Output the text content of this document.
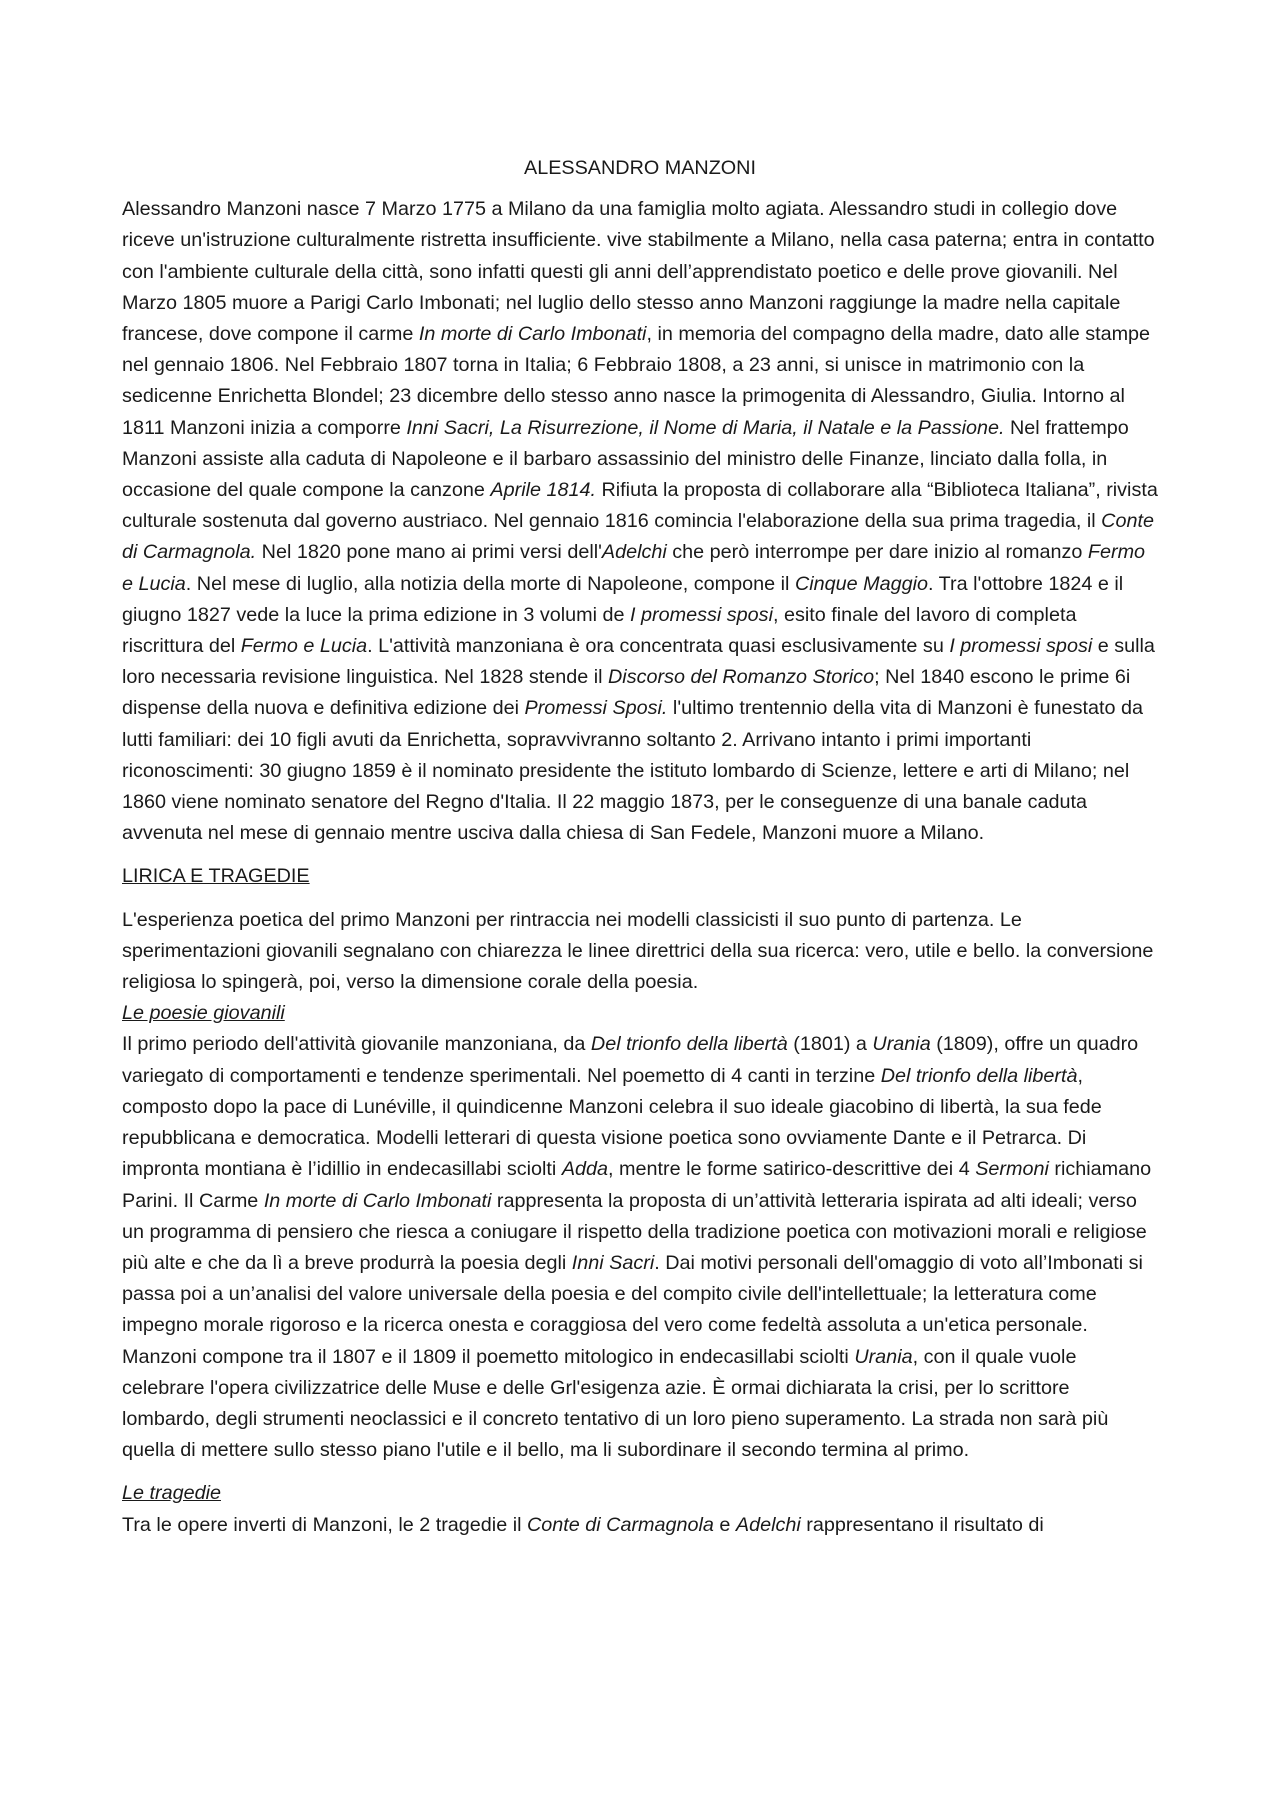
ALESSANDRO MANZONI

Alessandro Manzoni nasce 7 Marzo 1775 a Milano da una famiglia molto agiata. Alessandro studi in collegio dove riceve un'istruzione culturalmente ristretta insufficiente. vive stabilmente a Milano, nella casa paterna; entra in contatto con l'ambiente culturale della città, sono infatti questi gli anni dell’apprendistato poetico e delle prove giovanili. Nel Marzo 1805 muore a Parigi Carlo Imbonati; nel luglio dello stesso anno Manzoni raggiunge la madre nella capitale francese, dove compone il carme In morte di Carlo Imbonati, in memoria del compagno della madre, dato alle stampe nel gennaio 1806. Nel Febbraio 1807 torna in Italia; 6 Febbraio 1808, a 23 anni, si unisce in matrimonio con la sedicenne Enrichetta Blondel; 23 dicembre dello stesso anno nasce la primogenita di Alessandro, Giulia. Intorno al 1811 Manzoni inizia a comporre Inni Sacri, La Risurrezione, il Nome di Maria, il Natale e la Passione. Nel frattempo Manzoni assiste alla caduta di Napoleone e il barbaro assassinio del ministro delle Finanze, linciato dalla folla, in occasione del quale compone la canzone Aprile 1814. Rifiuta la proposta di collaborare alla “Biblioteca Italiana”, rivista culturale sostenuta dal governo austriaco. Nel gennaio 1816 comincia l'elaborazione della sua prima tragedia, il Conte di Carmagnola. Nel 1820 pone mano ai primi versi dell'Adelchi che però interrompe per dare inizio al romanzo Fermo e Lucia. Nel mese di luglio, alla notizia della morte di Napoleone, compone il Cinque Maggio. Tra l'ottobre 1824 e il giugno 1827 vede la luce la prima edizione in 3 volumi de I promessi sposi, esito finale del lavoro di completa riscrittura del Fermo e Lucia. L'attività manzoniana è ora concentrata quasi esclusivamente su I promessi sposi e sulla loro necessaria revisione linguistica. Nel 1828 stende il Discorso del Romanzo Storico; Nel 1840 escono le prime 6i dispense della nuova e definitiva edizione dei Promessi Sposi. l'ultimo trentennio della vita di Manzoni è funestato da lutti familiari: dei 10 figli avuti da Enrichetta, sopravvivranno soltanto 2. Arrivano intanto i primi importanti riconoscimenti: 30 giugno 1859 è il nominato presidente the istituto lombardo di Scienze, lettere e arti di Milano; nel 1860 viene nominato senatore del Regno d'Italia. Il 22 maggio 1873, per le conseguenze di una banale caduta avvenuta nel mese di gennaio mentre usciva dalla chiesa di San Fedele, Manzoni muore a Milano.

LIRICA E TRAGEDIE

L'esperienza poetica del primo Manzoni per rintraccia nei modelli classicisti il suo punto di partenza. Le sperimentazioni giovanili segnalano con chiarezza le linee direttrici della sua ricerca: vero, utile e bello. la conversione religiosa lo spingerà, poi, verso la dimensione corale della poesia.

Le poesie giovanili

Il primo periodo dell'attività giovanile manzoniana, da Del trionfo della libertà (1801) a Urania (1809), offre un quadro variegato di comportamenti e tendenze sperimentali. Nel poemetto di 4 canti in terzine Del trionfo della libertà, composto dopo la pace di Lunéville, il quindicenne Manzoni celebra il suo ideale giacobino di libertà, la sua fede repubblicana e democratica. Modelli letterari di questa visione poetica sono ovviamente Dante e il Petrarca. Di impronta montiana è l’idillio in endecasillabi sciolti Adda, mentre le forme satirico-descrittive dei 4 Sermoni richiamano Parini. Il Carme In morte di Carlo Imbonati rappresenta la proposta di un’attività letteraria ispirata ad alti ideali; verso un programma di pensiero che riesca a coniugare il rispetto della tradizione poetica con motivazioni morali e religiose più alte e che da lì a breve produrrà la poesia degli Inni Sacri. Dai motivi personali dell'omaggio di voto all’Imbonati si passa poi a un’analisi del valore universale della poesia e del compito civile dell'intellettuale; la letteratura come impegno morale rigoroso e la ricerca onesta e coraggiosa del vero come fedeltà assoluta a un'etica personale. Manzoni compone tra il 1807 e il 1809 il poemetto mitologico in endecasillabi sciolti Urania, con il quale vuole celebrare l'opera civilizzatrice delle Muse e delle Grl'esigenza azie. È ormai dichiarata la crisi, per lo scrittore lombardo, degli strumenti neoclassici e il concreto tentativo di un loro pieno superamento. La strada non sarà più quella di mettere sullo stesso piano l'utile e il bello, ma li subordinare il secondo termina al primo.

Le tragedie

Tra le opere inverti di Manzoni, le 2 tragedie il Conte di Carmagnola e Adelchi rappresentano il risultato di
